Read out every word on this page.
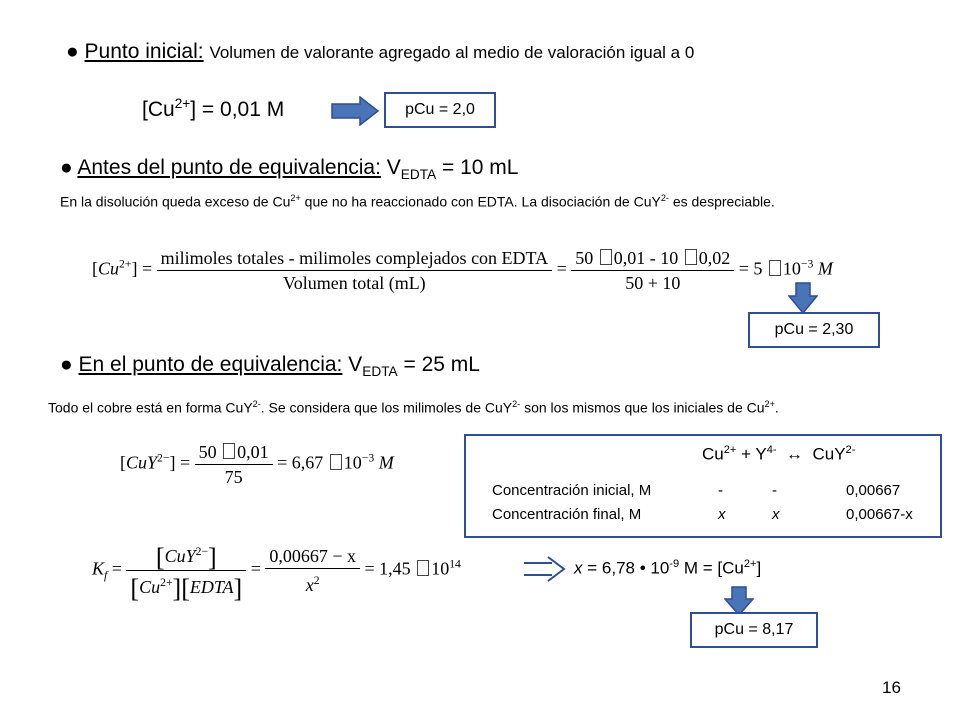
● Punto inicial: Volumen de valorante agregado al medio de valoración igual a 0
$[Cu^{2+}] = 0,01$ M	pCu = 2,0
● Antes del punto de equivalencia: $V_{EDTA} = 10$ mL
En la disolución queda exceso de $Cu^{2+}$ que no ha reaccionado con EDTA. La disociación de CuY$^{2-}$ es despreciable.
$[Cu^{2+}] = \frac{\text{milimoles totales - milimoles complejados con EDTA}}{\text{Volumen total (mL)}} = \frac{50 0,01 - 10 0,02}{50 + 10} = 5$ $10^{-3}$ M
pCu = 2,30
● En el punto de equivalencia: $V_{EDTA} = 25$ mL
Todo el cobre está en forma CuY$^{2-}$. Se considera que los milimoles de CuY$^{2-}$ son los mismos que los iniciales de $Cu^{2+}$.
$[CuY^{2-}] = \frac{50 0,01}{75} = 6,67$ $10^{-3}$ M	$Cu^{2+} + Y^{4-}$ ↔ CuY$^{2-}$
Concentración inicial, M	-	-	0,00667
Concentración final, M	x	x	0,00667-x
$K_f = \frac{[CuY^{2-}]}{[Cu^{2+}][EDTA]} = \frac{0,00667 - x}{x^2} = 1,45$ $10^{14}$	x = 6,78 • $10^{-9}$ $M = [Cu^{2+}]$
pCu = 8,17
16
